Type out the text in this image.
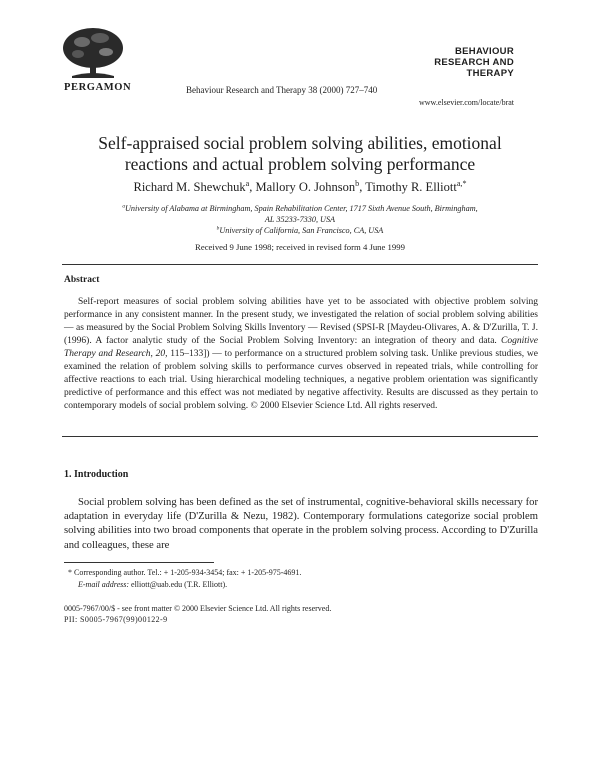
PERGAMON	Behaviour Research and Therapy 38 (2000) 727–740
BEHAVIOUR
RESEARCH AND
THERAPY
www.elsevier.com/locate/brat
Self-appraised social problem solving abilities, emotional
reactions and actual problem solving performance
Richard M. Shewchuk$^a$, Mallory O. Johnson$^b$, Timothy R. Elliott$^{a,*}$
$^a$University of Alabama at Birmingham, Spain Rehabilitation Center, 1717 Sixth Avenue South, Birmingham,
AL 35233-7330, USA
$^b$University of California, San Francisco, CA, USA
Received 9 June 1998; received in revised form 4 June 1999
Abstract

Self-report measures of social problem solving abilities have yet to be associated with objective problem solving performance in any consistent manner. In the present study, we investigated the relation of social problem solving abilities — as measured by the Social Problem Solving Skills Inventory — Revised (SPSI-R [Maydeu-Olivares, A. & D'Zurilla, T. J. (1996). A factor analytic study of the Social Problem Solving Inventory: an integration of theory and data. Cognitive Therapy and Research, 20, 115–133]) — to performance on a structured problem solving task. Unlike previous studies, we examined the relation of problem solving skills to performance curves observed in repeated trials, while controlling for affective reactions to each trial. Using hierarchical modeling techniques, a negative problem orientation was significantly predictive of performance and this effect was not mediated by negative affectivity. Results are discussed as they pertain to contemporary models of social problem solving. © 2000 Elsevier Science Ltd. All rights reserved.

1. Introduction

Social problem solving has been defined as the set of instrumental, cognitive-behavioral skills necessary for adaptation in everyday life (D'Zurilla & Nezu, 1982). Contemporary formulations categorize social problem solving abilities into two broad components that operate in the problem solving process. According to D'Zurilla and colleagues, these are

* Corresponding author. Tel.: + 1-205-934-3454; fax: + 1-205-975-4691.
E-mail address: elliott@uab.edu (T.R. Elliott).
0005-7967/00/$ - see front matter © 2000 Elsevier Science Ltd. All rights reserved.
PII: S0005-7967(99)00122-9
